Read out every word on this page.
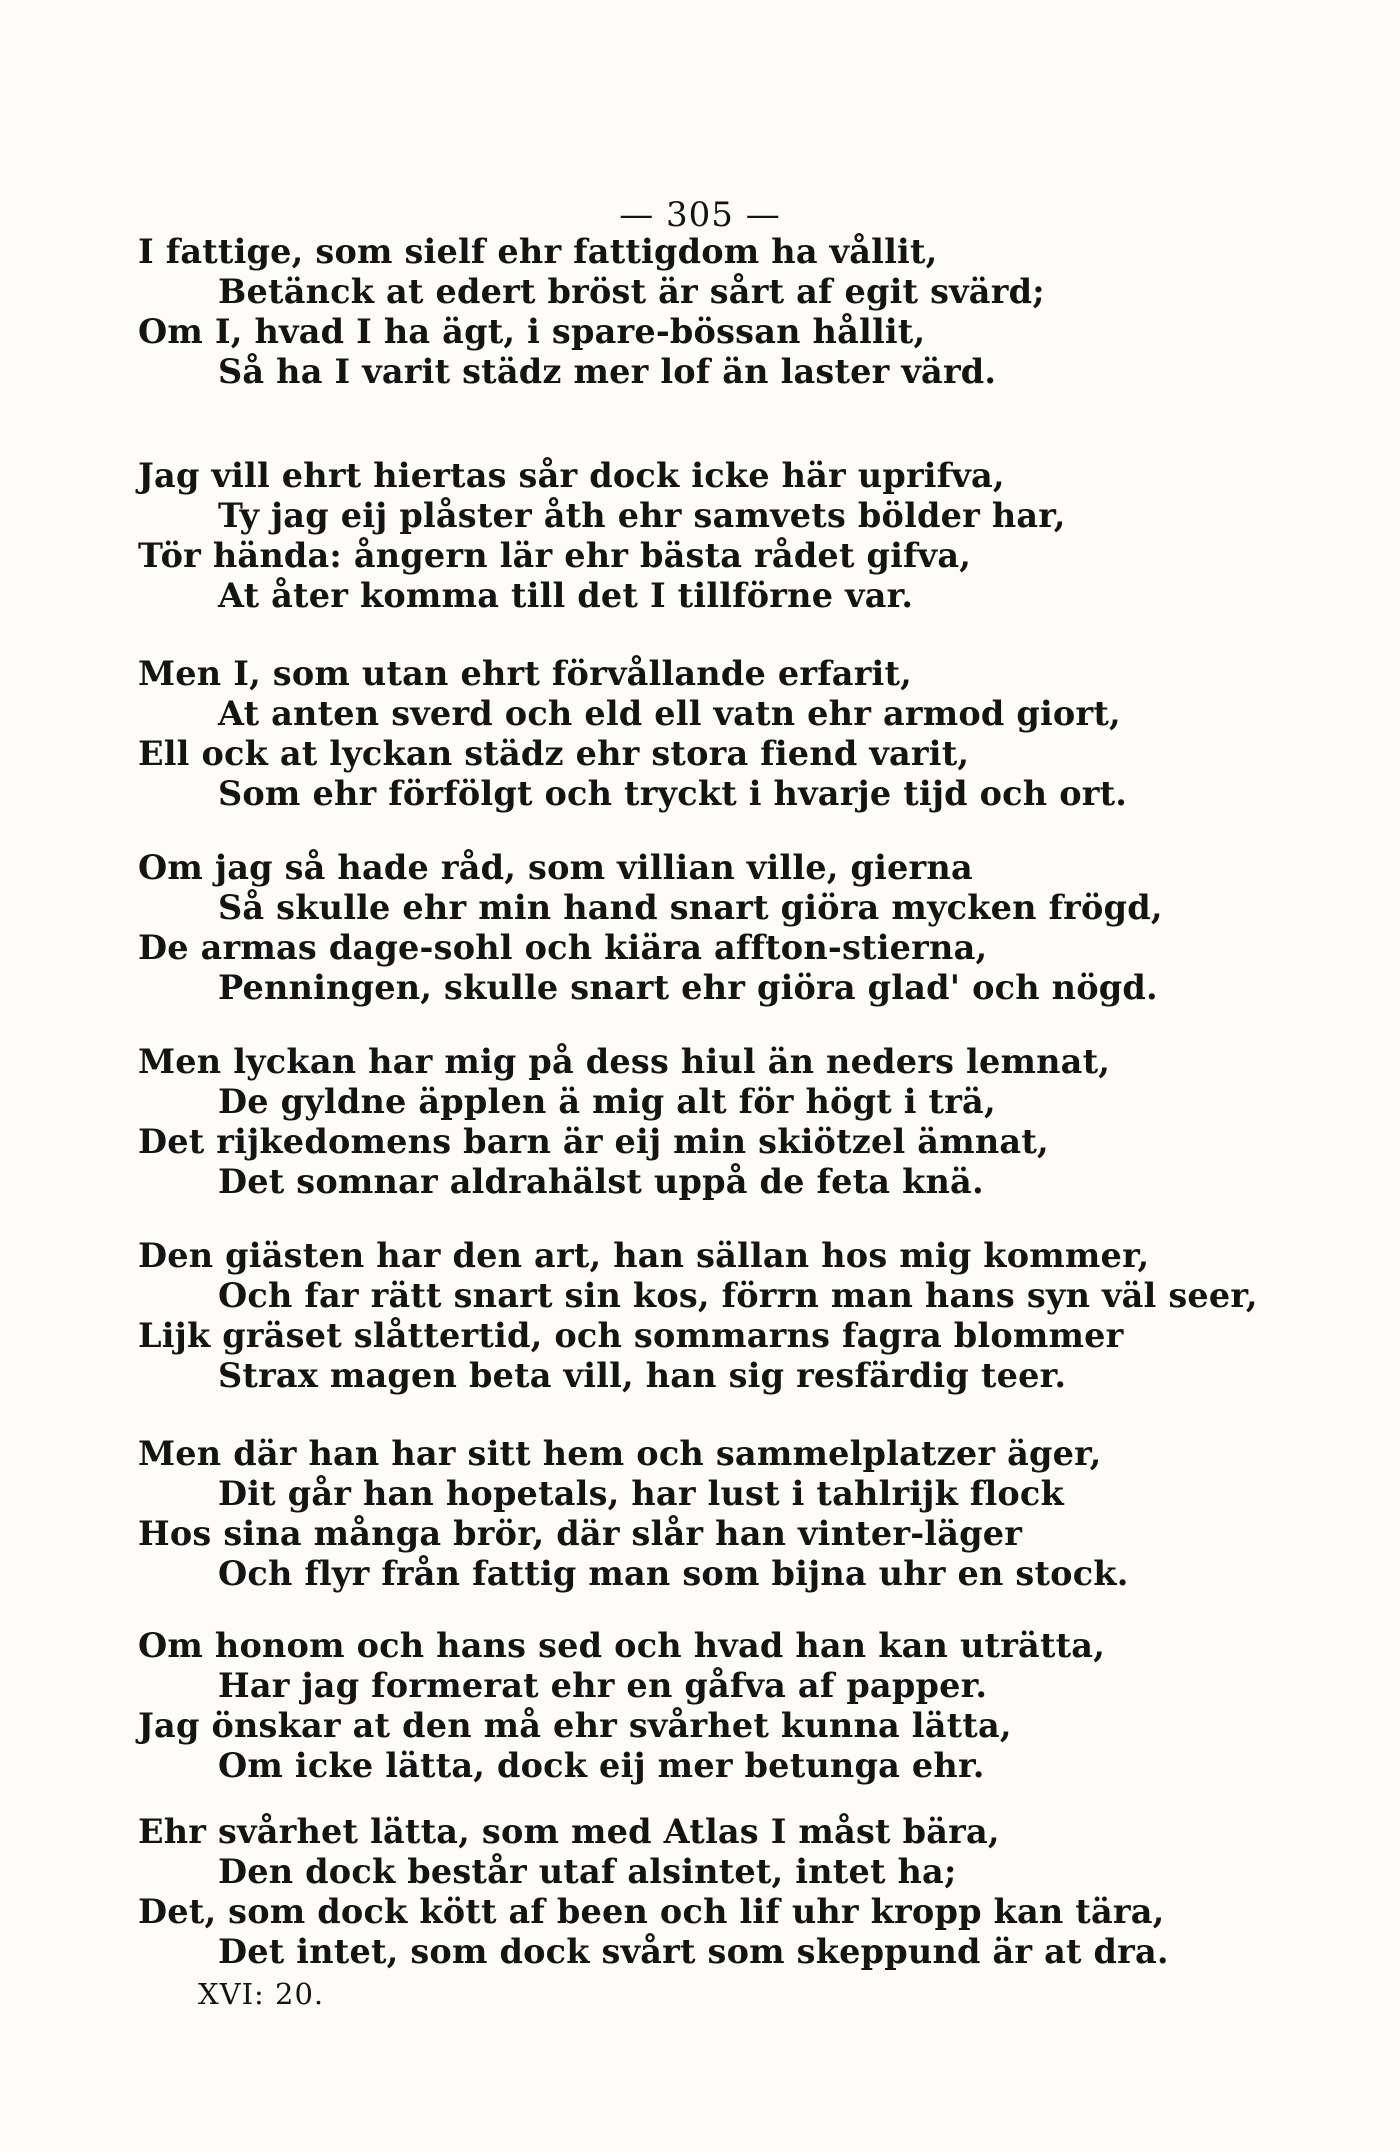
— 305 —
I fattige, som sielf ehr fattigdom ha vållit,
Betänck at edert bröst är sårt af egit svärd;
Om I, hvad I ha ägt, i spare-bössan hållit,
Så ha I varit städz mer lof än laster värd.
Jag vill ehrt hiertas sår dock icke här uprifva,
Ty jag eij plåster åth ehr samvets bölder har,
Tör hända: ångern lär ehr bästa rådet gifva,
At åter komma till det I tillförne var.
Men I, som utan ehrt förvållande erfarit,
At anten sverd och eld ell vatn ehr armod giort,
Ell ock at lyckan städz ehr stora fiend varit,
Som ehr förfölgt och tryckt i hvarje tijd och ort.
Om jag så hade råd, som villian ville, gierna
Så skulle ehr min hand snart giöra mycken frögd,
De armas dage-sohl och kiära affton-stierna,
Penningen, skulle snart ehr giöra glad' och nögd.
Men lyckan har mig på dess hiul än neders lemnat,
De gyldne äpplen ä mig alt för högt i trä,
Det rijkedomens barn är eij min skiötzel ämnat,
Det somnar aldrahälst uppå de feta knä.
Den giästen har den art, han sällan hos mig kommer,
Och far rätt snart sin kos, förrn man hans syn väl seer,
Lijk gräset slåttertid, och sommarns fagra blommer
Strax magen beta vill, han sig resfärdig teer.
Men där han har sitt hem och sammelplatzer äger,
Dit går han hopetals, har lust i tahlrijk flock
Hos sina många brör, där slår han vinter-läger
Och flyr från fattig man som bijna uhr en stock.
Om honom och hans sed och hvad han kan uträtta,
Har jag formerat ehr en gåfva af papper.
Jag önskar at den må ehr svårhet kunna lätta,
Om icke lätta, dock eij mer betunga ehr.
Ehr svårhet lätta, som med Atlas I måst bära,
Den dock består utaf alsintet, intet ha;
Det, som dock kött af been och lif uhr kropp kan tära,
Det intet, som dock svårt som skeppund är at dra.
XVI: 20.
